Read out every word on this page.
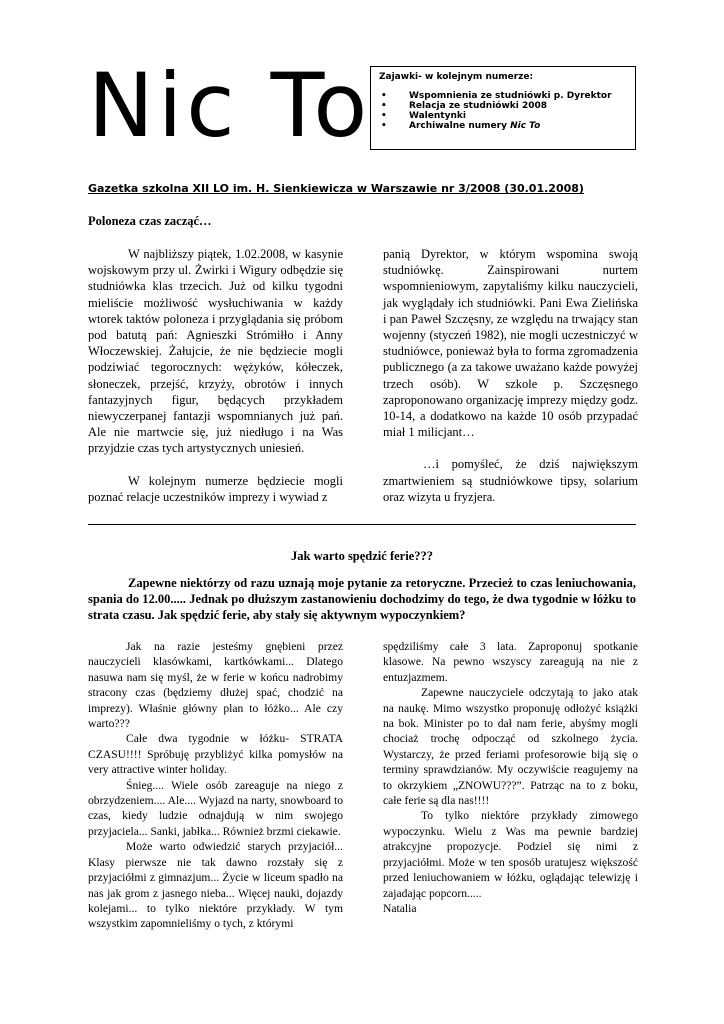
Nic To Zajawki- w kolejnym numerze:
• Wspomnienia ze studniówki p. Dyrektor
• Relacja ze studniówki 2008
• Walentynki
• Archiwalne numery Nic To
Gazetka szkolna XII LO im. H. Sienkiewicza w Warszawie nr 3/2008 (30.01.2008)
Poloneza czas zacząć…

W najbliższy piątek, 1.02.2008, w kasynie wojskowym przy ul. Żwirki i Wigury odbędzie się studniówka klas trzecich. Już od kilku tygodni mieliście możliwość wysłuchiwania w każdy wtorek taktów poloneza i przyglądania się próbom pod batutą pań: Agnieszki Strómiłło i Anny Włoczewskiej. Żałujcie, że nie będziecie mogli podziwiać tegorocznych: wężyków, kółeczek, słoneczek, przejść, krzyży, obrotów i innych fantazyjnych figur, będących przykładem niewyczerpanej fantazji wspomnianych już pań. Ale nie martwcie się, już niedługo i na Was przyjdzie czas tych artystycznych uniesień.

W kolejnym numerze będziecie mogli poznać relacje uczestników imprezy i wywiad z

panią Dyrektor, w którym wspomina swoją studniówkę. Zainspirowani nurtem wspomnieniowym, zapytaliśmy kilku nauczycieli, jak wyglądały ich studniówki. Pani Ewa Zielińska i pan Paweł Szczęsny, ze względu na trwający stan wojenny (styczeń 1982), nie mogli uczestniczyć w studniówce, ponieważ była to forma zgromadzenia publicznego (a za takowe uważano każde powyżej trzech osób). W szkole p. Szczęsnego zaproponowano organizację imprezy między godz. 10-14, a dodatkowo na każde 10 osób przypadać miał 1 milicjant…

…i pomyśleć, że dziś największym zmartwieniem są studniówkowe tipsy, solarium oraz wizyta u fryzjera.

Jak warto spędzić ferie???

Zapewne niektórzy od razu uznają moje pytanie za retoryczne. Przecież to czas leniuchowania, spania do 12.00..... Jednak po dłuższym zastanowieniu dochodzimy do tego, że dwa tygodnie w łóżku to strata czasu. Jak spędzić ferie, aby stały się aktywnym wypoczynkiem?

Jak na razie jesteśmy gnębieni przez nauczycieli klasówkami, kartkówkami... Dlatego nasuwa nam się myśl, że w ferie w końcu nadrobimy stracony czas (będziemy dłużej spać, chodzić na imprezy). Właśnie główny plan to łóżko... Ale czy warto???

Całe dwa tygodnie w łóżku- STRATA CZASU!!!! Spróbuję przybliżyć kilka pomysłów na very attractive winter holiday.

Śnieg.... Wiele osób zareaguje na niego z obrzydzeniem.... Ale.... Wyjazd na narty, snowboard to czas, kiedy ludzie odnajdują w nim swojego przyjaciela... Sanki, jabłka... Również brzmi ciekawie.

Może warto odwiedzić starych przyjaciół... Klasy pierwsze nie tak dawno rozstały się z przyjaciółmi z gimnazjum... Życie w liceum spadło na nas jak grom z jasnego nieba... Więcej nauki, dojazdy kolejami... to tylko niektóre przykłady. W tym wszystkim zapomnieliśmy o tych, z którymi

spędziliśmy całe 3 lata. Zaproponuj spotkanie klasowe. Na pewno wszyscy zareagują na nie z entuzjazmem.

Zapewne nauczyciele odczytają to jako atak na naukę. Mimo wszystko proponuję odłożyć książki na bok. Minister po to dał nam ferie, abyśmy mogli chociaż trochę odpocząć od szkolnego życia. Wystarczy, że przed feriami profesorowie biją się o terminy sprawdzianów. My oczywiście reagujemy na to okrzykiem „ZNOWU???”. Patrząc na to z boku, całe ferie są dla nas!!!!

To tylko niektóre przykłady zimowego wypoczynku. Wielu z Was ma pewnie bardziej atrakcyjne propozycje. Podziel się nimi z przyjaciółmi. Może w ten sposób uratujesz większość przed leniuchowaniem w łóżku, oglądając telewizję i zajadając popcorn.....

Natalia
